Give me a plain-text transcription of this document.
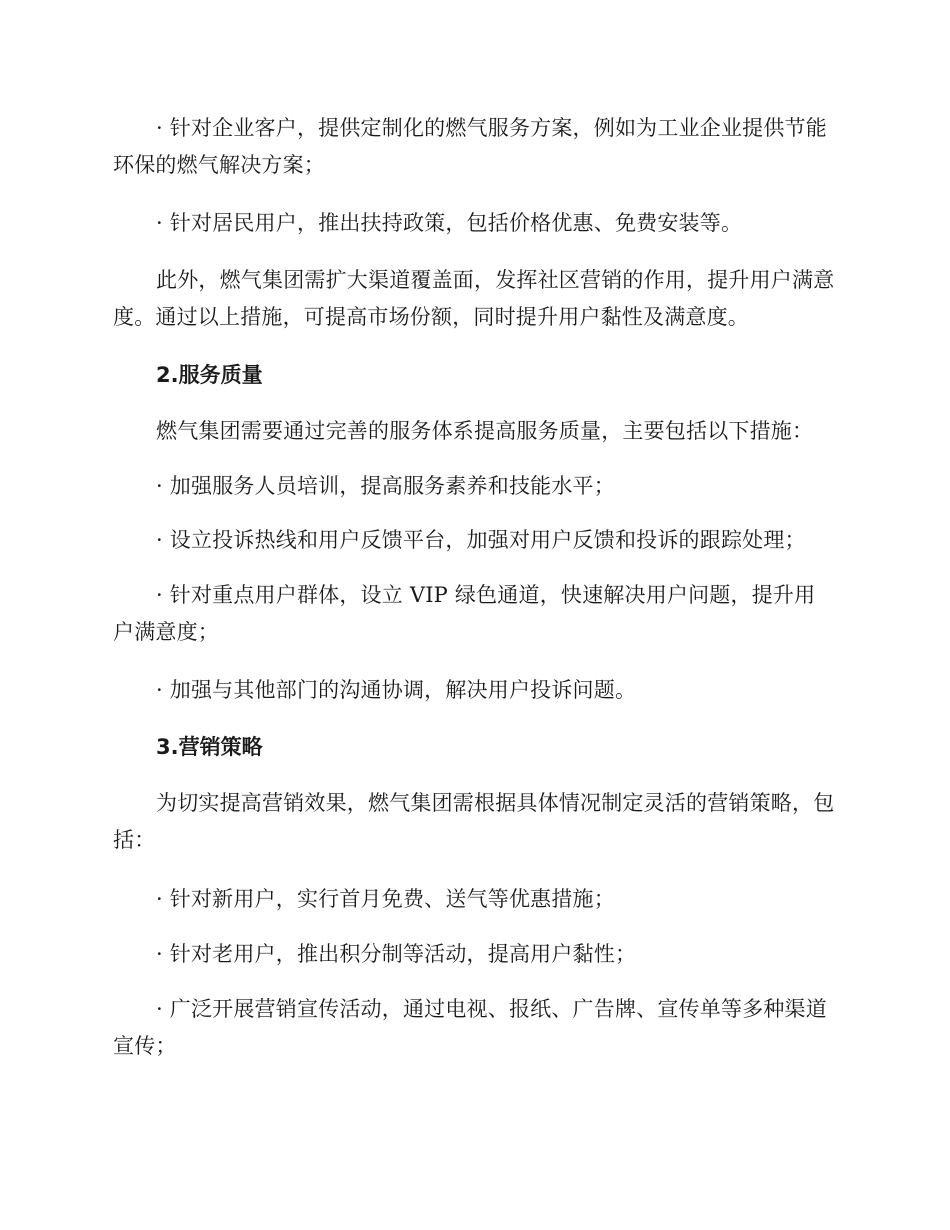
· 针对企业客户，提供定制化的燃气服务方案，例如为工业企业提供节能环保的燃气解决方案；

· 针对居民用户，推出扶持政策，包括价格优惠、免费安装等。

此外，燃气集团需扩大渠道覆盖面，发挥社区营销的作用，提升用户满意度。通过以上措施，可提高市场份额，同时提升用户黏性及满意度。

2.服务质量

燃气集团需要通过完善的服务体系提高服务质量，主要包括以下措施：

· 加强服务人员培训，提高服务素养和技能水平；

· 设立投诉热线和用户反馈平台，加强对用户反馈和投诉的跟踪处理；

· 针对重点用户群体，设立 VIP 绿色通道，快速解决用户问题，提升用户满意度；

· 加强与其他部门的沟通协调，解决用户投诉问题。

3.营销策略

为切实提高营销效果，燃气集团需根据具体情况制定灵活的营销策略，包括：

· 针对新用户，实行首月免费、送气等优惠措施；

· 针对老用户，推出积分制等活动，提高用户黏性；

· 广泛开展营销宣传活动，通过电视、报纸、广告牌、宣传单等多种渠道宣传；
